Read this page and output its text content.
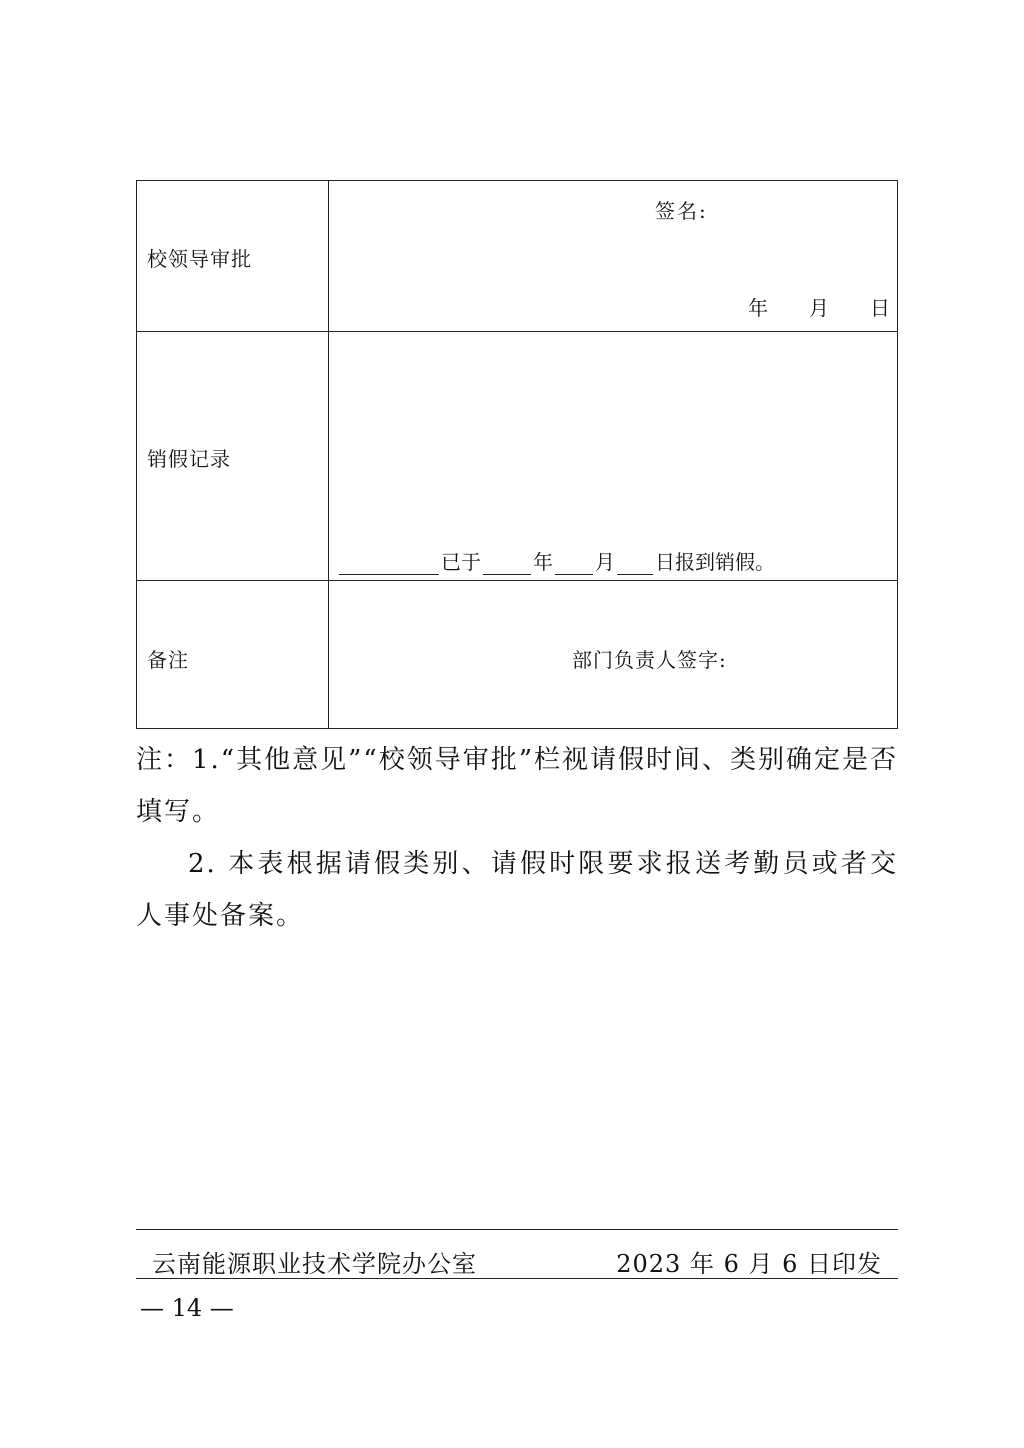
校领导审批
签名:
年 月 日
销假记录
已于	年 月 日报到销假。
部门负责人签字:
备注

注：1.“其他意见”“校领导审批”栏视请假时间、类别确定是否填写。

2. 本表根据请假类别、请假时限要求报送考勤员或者交人事处备案。

云南能源职业技术学院办公室	2023 年 6 月 6 日印发
— 14 —
